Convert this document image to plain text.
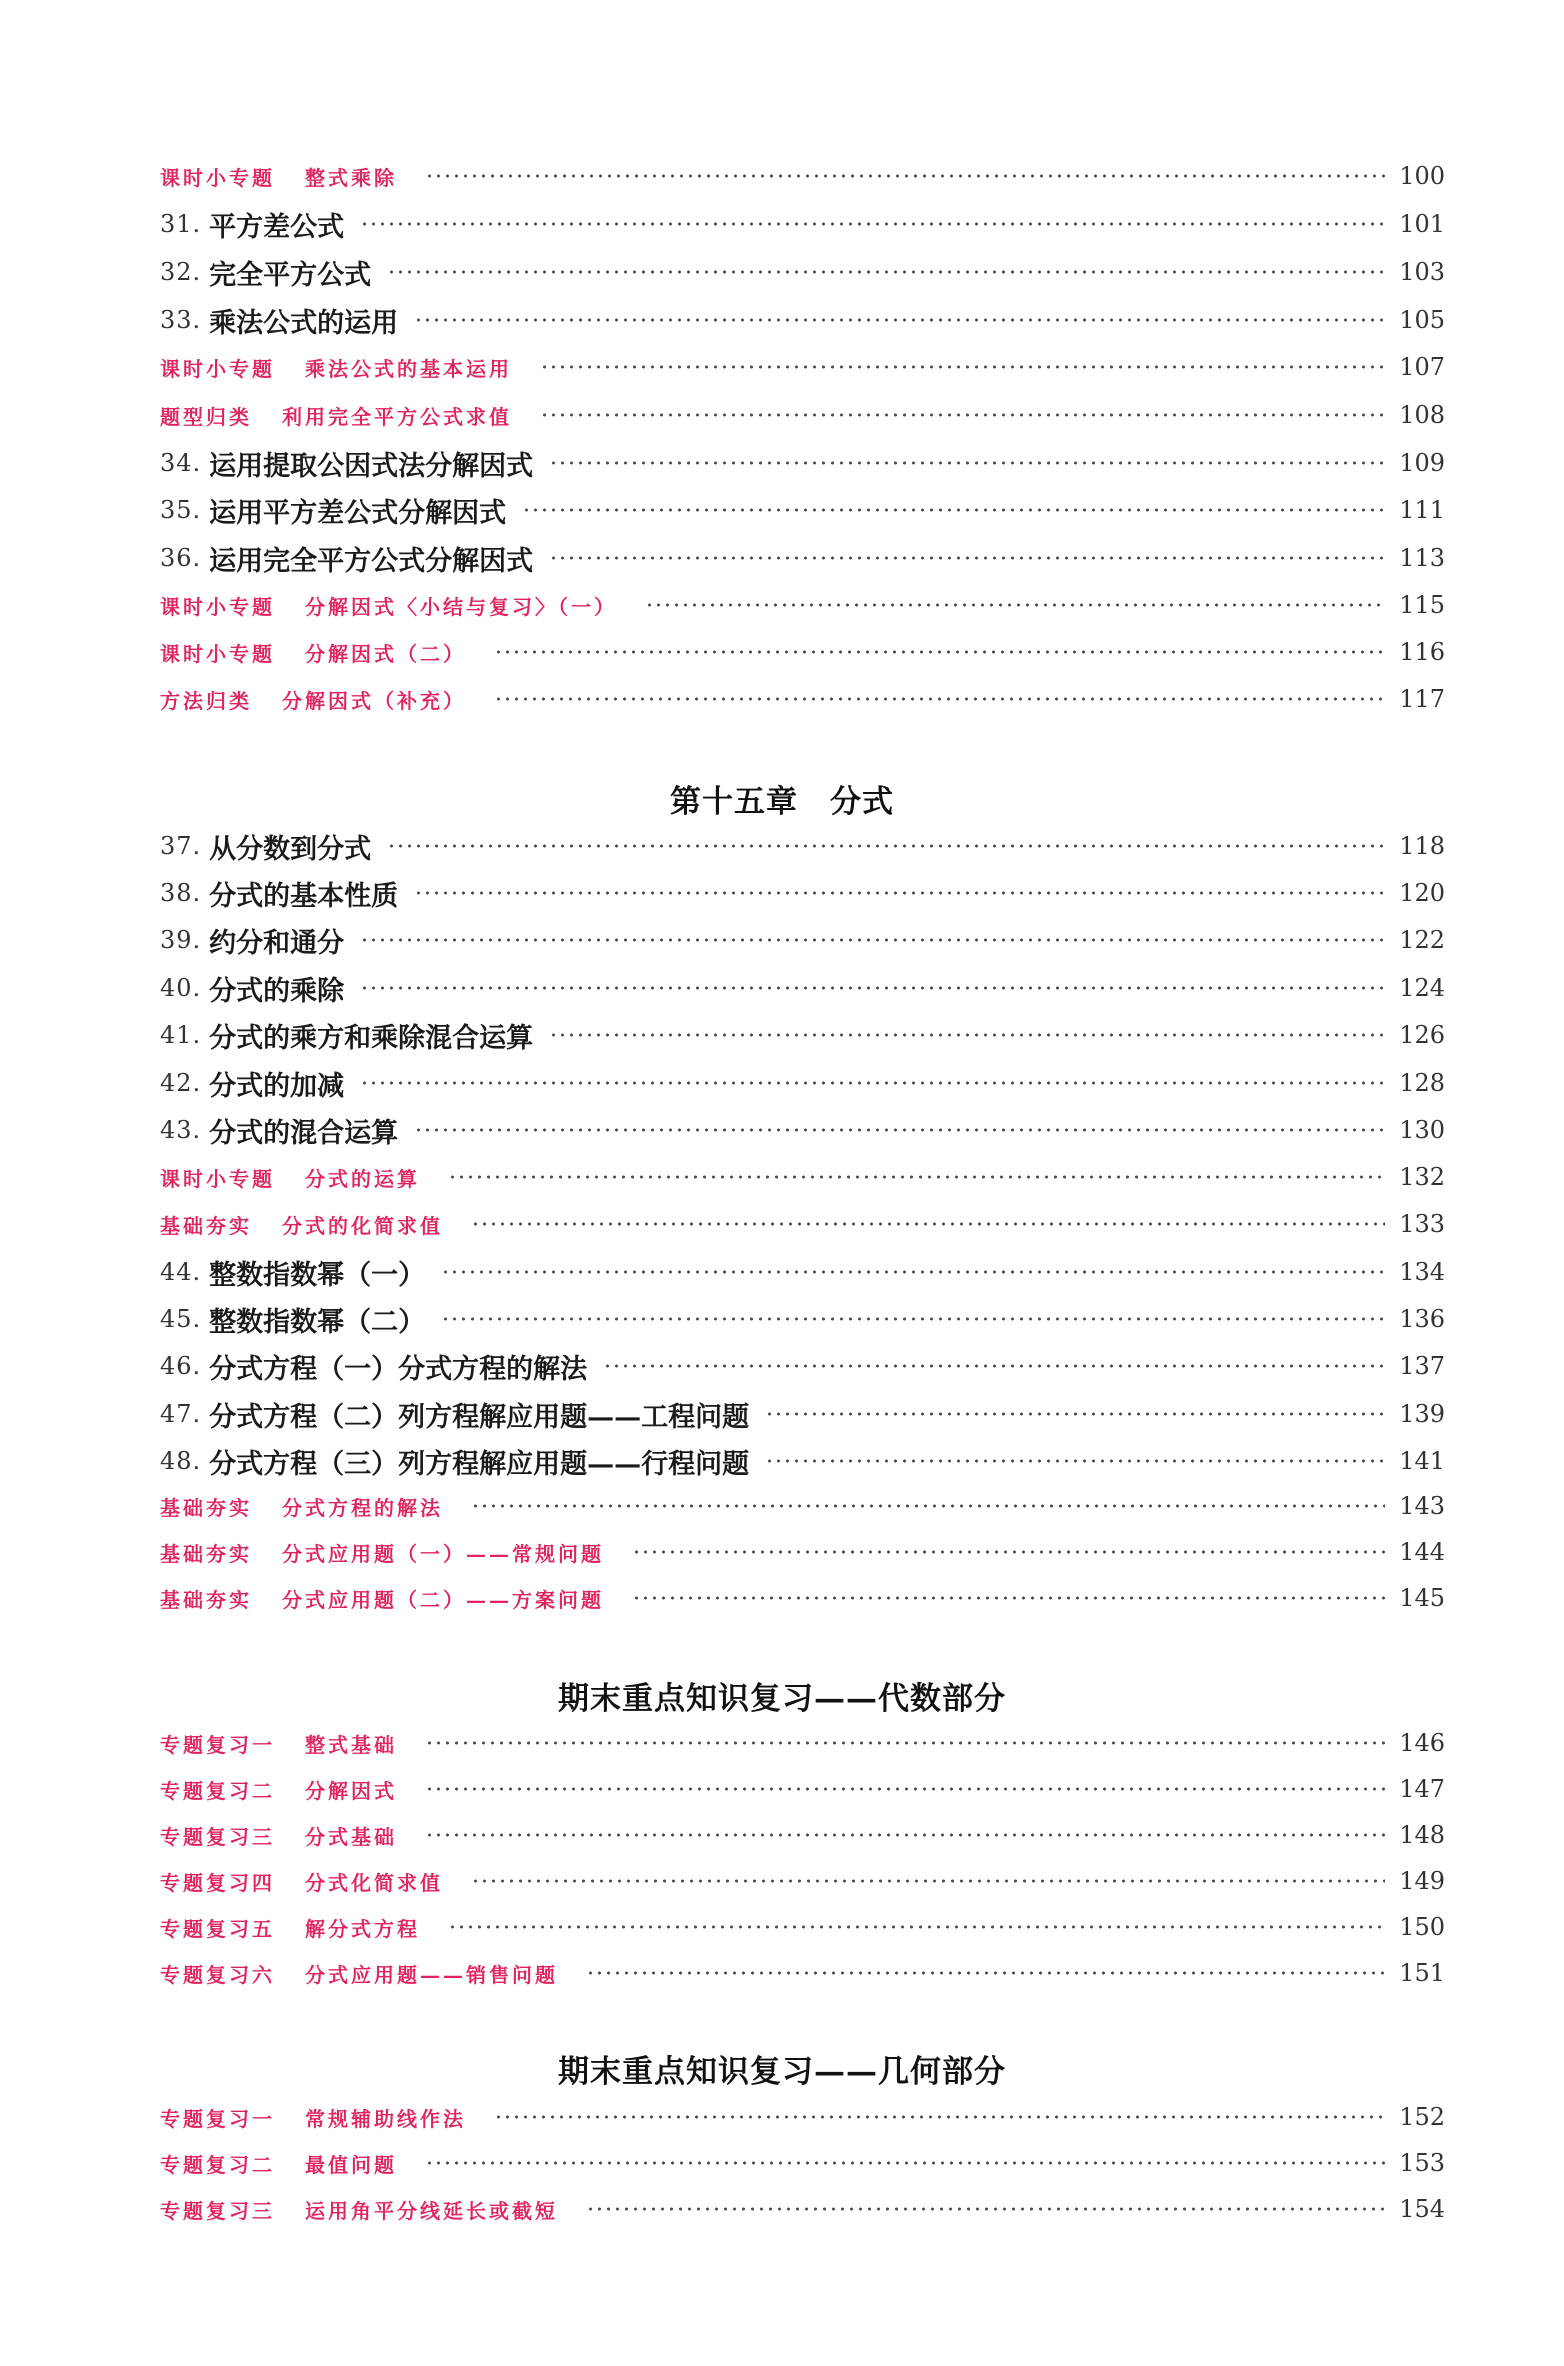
课时小专题 整式乘除	100
31. 平方差公式	101
32. 完全平方公式	103
33. 乘法公式的运用	105
课时小专题 乘法公式的基本运用	107
题型归类 利用完全平方公式求值	108
34. 运用提取公因式法分解因式	109
35. 运用平方差公式分解因式	111
36. 运用完全平方公式分解因式	113
课时小专题 分解因式〈小结与复习〉（一）	115
课时小专题 分解因式（二）	116
方法归类 分解因式（补充）	117
第十五章　分式
37. 从分数到分式	118
38. 分式的基本性质	120
39. 约分和通分	122
40. 分式的乘除	124
41. 分式的乘方和乘除混合运算	126
42. 分式的加减	128
43. 分式的混合运算	130
课时小专题 分式的运算	132
基础夯实 分式的化简求值	133
44. 整数指数幂（一）	134
45. 整数指数幂（二）	136
46. 分式方程（一）分式方程的解法	137
47. 分式方程（二）列方程解应用题——工程问题	139
48. 分式方程（三）列方程解应用题——行程问题	141
基础夯实 分式方程的解法	143
基础夯实 分式应用题（一）——常规问题	144
基础夯实 分式应用题（二）——方案问题	145
期末重点知识复习——代数部分
专题复习一 整式基础	146
专题复习二 分解因式	147
专题复习三 分式基础	148
专题复习四 分式化简求值	149
专题复习五 解分式方程	150
专题复习六 分式应用题——销售问题	151
期末重点知识复习——几何部分
专题复习一 常规辅助线作法	152
专题复习二 最值问题	153
专题复习三 运用角平分线延长或截短	154
